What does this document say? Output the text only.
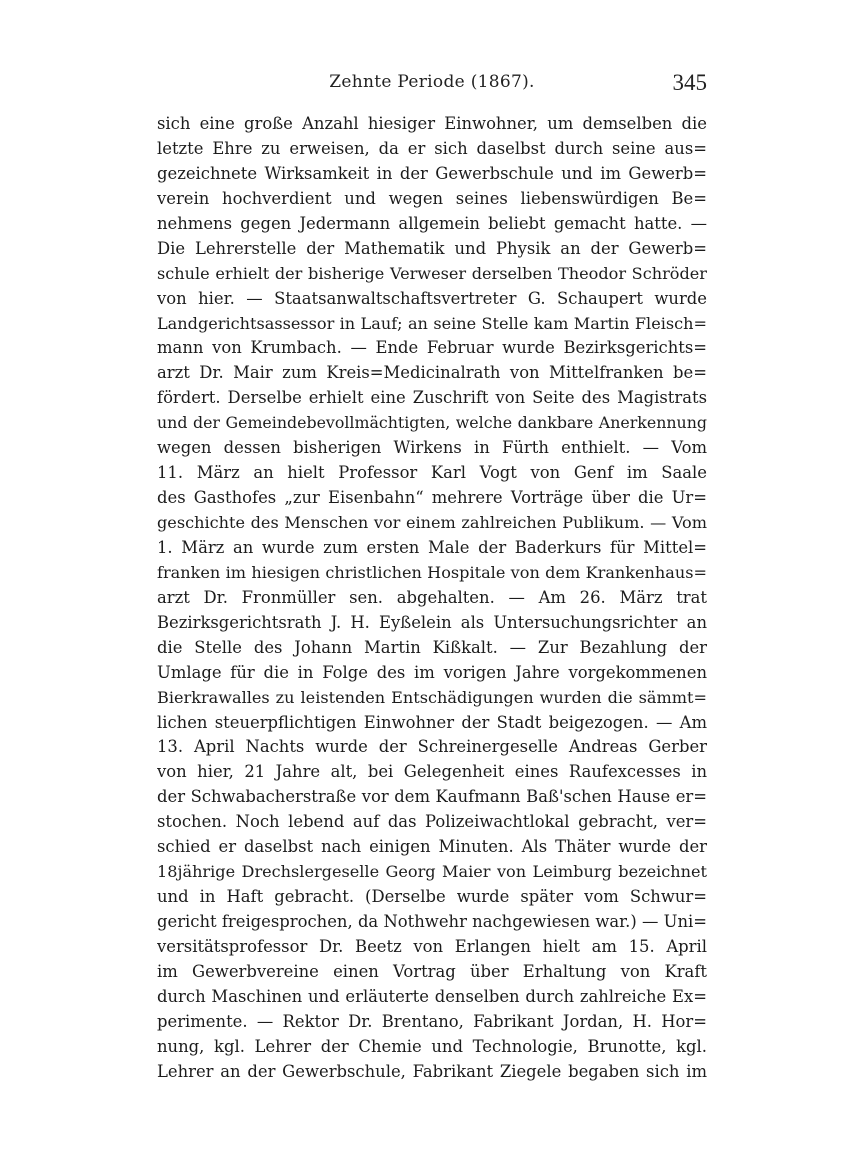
Zehnte Periode (1867).	345
sich eine große Anzahl hiesiger Einwohner, um demselben die
letzte Ehre zu erweisen, da er sich daselbst durch seine aus=
gezeichnete Wirksamkeit in der Gewerbschule und im Gewerb=
verein hochverdient und wegen seines liebenswürdigen Be=
nehmens gegen Jedermann allgemein beliebt gemacht hatte. —
Die Lehrerstelle der Mathematik und Physik an der Gewerb=
schule erhielt der bisherige Verweser derselben Theodor Schröder
von hier. — Staatsanwaltschaftsvertreter G. Schaupert wurde
Landgerichtsassessor in Lauf; an seine Stelle kam Martin Fleisch=
mann von Krumbach. — Ende Februar wurde Bezirksgerichts=
arzt Dr. Mair zum Kreis=Medicinalrath von Mittelfranken be=
fördert. Derselbe erhielt eine Zuschrift von Seite des Magistrats
und der Gemeindebevollmächtigten, welche dankbare Anerkennung
wegen dessen bisherigen Wirkens in Fürth enthielt. — Vom
11. März an hielt Professor Karl Vogt von Genf im Saale
des Gasthofes „zur Eisenbahn“ mehrere Vorträge über die Ur=
geschichte des Menschen vor einem zahlreichen Publikum. — Vom
1. März an wurde zum ersten Male der Baderkurs für Mittel=
franken im hiesigen christlichen Hospitale von dem Krankenhaus=
arzt Dr. Fronmüller sen. abgehalten. — Am 26. März trat
Bezirksgerichtsrath J. H. Eyßelein als Untersuchungsrichter an
die Stelle des Johann Martin Kißkalt. — Zur Bezahlung der
Umlage für die in Folge des im vorigen Jahre vorgekommenen
Bierkrawalles zu leistenden Entschädigungen wurden die sämmt=
lichen steuerpflichtigen Einwohner der Stadt beigezogen. — Am
13. April Nachts wurde der Schreinergeselle Andreas Gerber
von hier, 21 Jahre alt, bei Gelegenheit eines Raufexcesses in
der Schwabacherstraße vor dem Kaufmann Baß'schen Hause er=
stochen. Noch lebend auf das Polizeiwachtlokal gebracht, ver=
schied er daselbst nach einigen Minuten. Als Thäter wurde der
18jährige Drechslergeselle Georg Maier von Leimburg bezeichnet
und in Haft gebracht. (Derselbe wurde später vom Schwur=
gericht freigesprochen, da Nothwehr nachgewiesen war.) — Uni=
versitätsprofessor Dr. Beetz von Erlangen hielt am 15. April
im Gewerbvereine einen Vortrag über Erhaltung von Kraft
durch Maschinen und erläuterte denselben durch zahlreiche Ex=
perimente. — Rektor Dr. Brentano, Fabrikant Jordan, H. Hor=
nung, kgl. Lehrer der Chemie und Technologie, Brunotte, kgl.
Lehrer an der Gewerbschule, Fabrikant Ziegele begaben sich im
